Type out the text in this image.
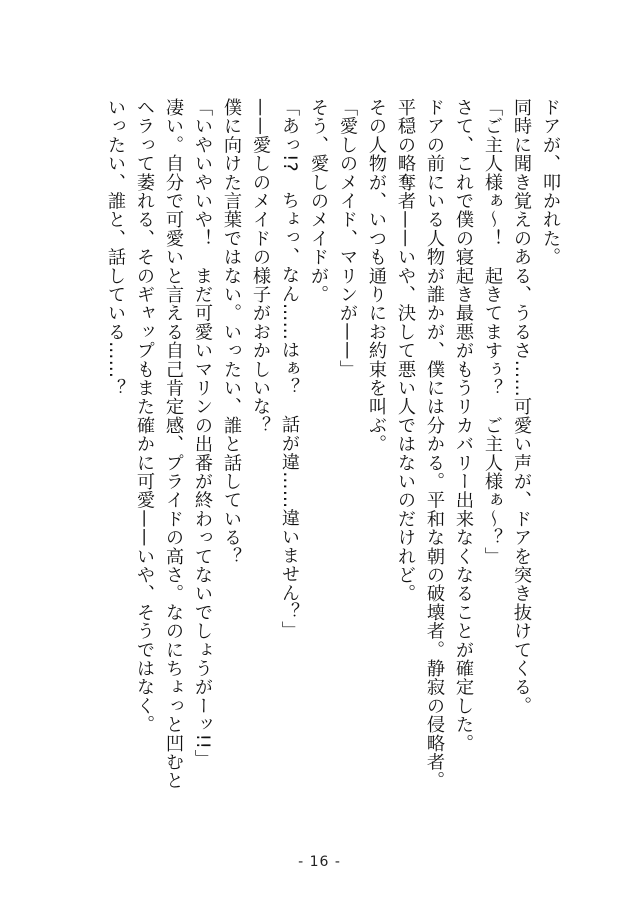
ドアが、叩かれた。
同時に聞き覚えのある、うるさ……可愛い声が、ドアを突き抜けてくる。
「ご主人様ぁ〜！　起きてますぅ？　ご主人様ぁ〜？」
さて、これで僕の寝起き最悪がもうリカバリー出来なくなることが確定した。
ドアの前にいる人物が誰かが、僕には分かる。平和な朝の破壊者。静寂の侵略者。
平穏の略奪者——いや、決して悪い人ではないのだけれど。
その人物が、いつも通りにお約束を叫ぶ。
「愛しのメイド、マリンが——」
そう、愛しのメイドが。
「あっ!?　ちょっ、なん……はぁ？　話が違……違いません？」
——愛しのメイドの様子がおかしいな？
僕に向けた言葉ではない。いったい、誰と話している？
「いやいやいや！　まだ可愛いマリンの出番が終わってないでしょうがーッ!!」
凄い。自分で可愛いと言える自己肯定感、プライドの高さ。なのにちょっと凹むと
ヘラって萎れる、そのギャップもまた確かに可愛——いや、そうではなく。
いったい、誰と、話している……？
- 16 -
